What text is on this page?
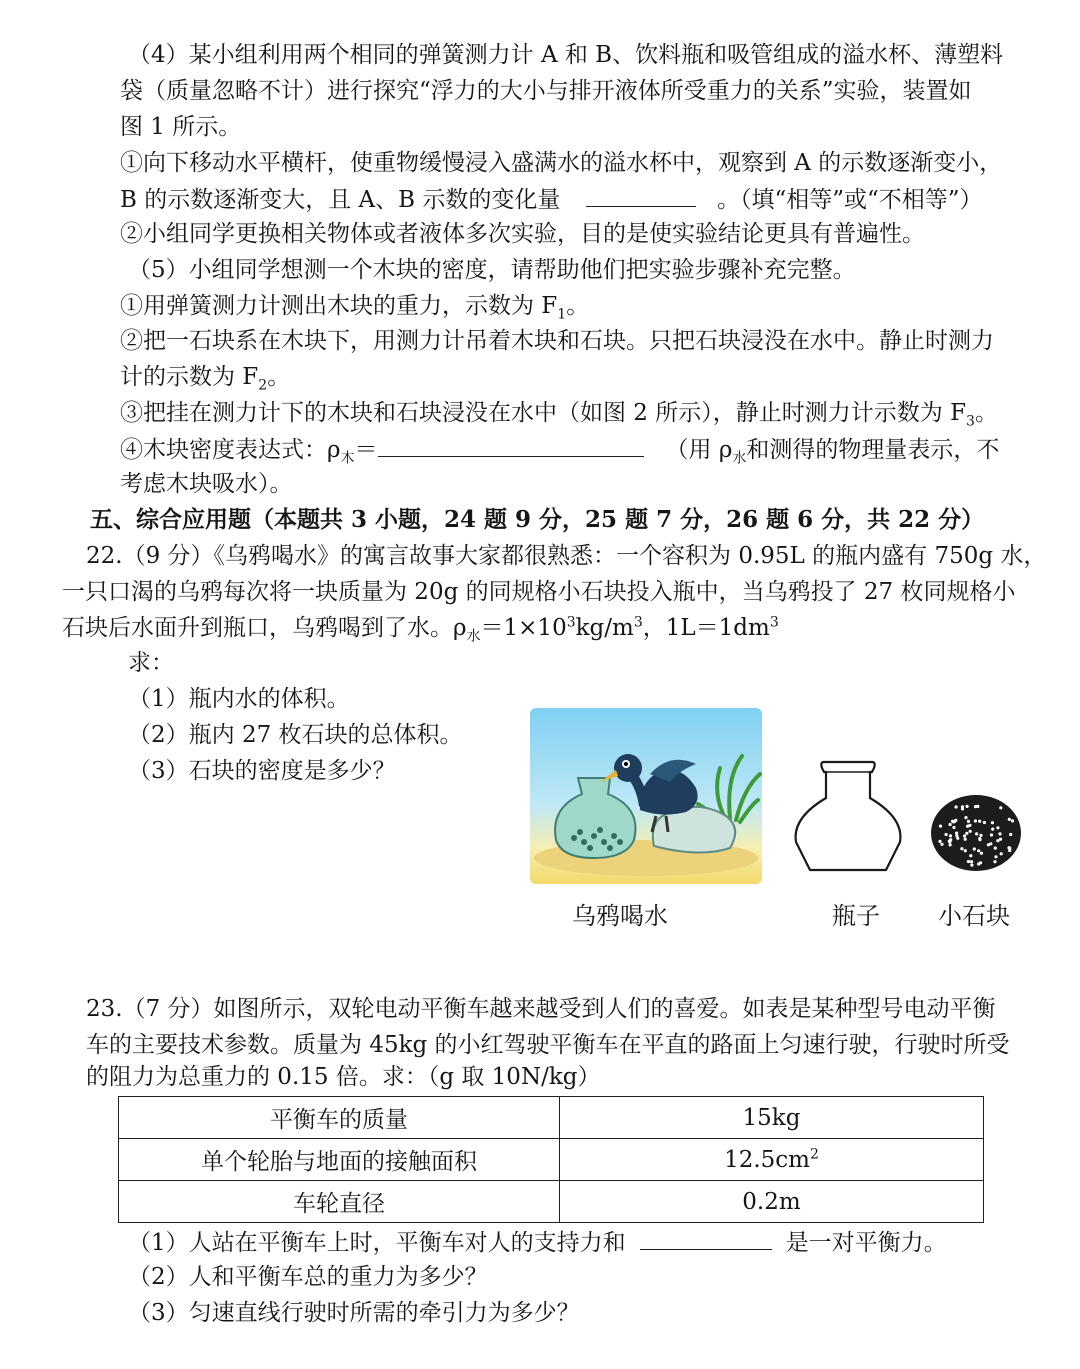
（4）某小组利用两个相同的弹簧测力计 A 和 B、饮料瓶和吸管组成的溢水杯、薄塑料
袋（质量忽略不计）进行探究“浮力的大小与排开液体所受重力的关系”实验，装置如
图 1 所示。
①向下移动水平横杆，使重物缓慢浸入盛满水的溢水杯中，观察到 A 的示数逐渐变小，
B 的示数逐渐变大，且 A、B 示数的变化量	。（填“相等”或“不相等”）
②小组同学更换相关物体或者液体多次实验，目的是使实验结论更具有普遍性。
（5）小组同学想测一个木块的密度，请帮助他们把实验步骤补充完整。
①用弹簧测力计测出木块的重力，示数为 $F_1$。
②把一石块系在木块下，用测力计吊着木块和石块。只把石块浸没在水中。静止时测力
计的示数为 $F_2$。
③把挂在测力计下的木块和石块浸没在水中（如图 2 所示），静止时测力计示数为 $F_3$。
④木块密度表达式：$\rho_木=$	（用 $\rho_水$和测得的物理量表示，不
考虑木块吸水）。
五、综合应用题（本题共 3 小题，24 题 9 分，25 题 7 分，26 题 6 分，共 22 分）
22.（9 分）《乌鸦喝水》的寓言故事大家都很熟悉：一个容积为 0.95L 的瓶内盛有 750g 水，
一只口渴的乌鸦每次将一块质量为 20g 的同规格小石块投入瓶中，当乌鸦投了 27 枚同规格小
石块后水面升到瓶口，乌鸦喝到了水。$\rho_水=1\times 10^3kg/m^3$，$1L=1dm^3$
求：
（1）瓶内水的体积。
（2）瓶内 27 枚石块的总体积。
（3）石块的密度是多少？
乌鸦喝水	瓶子 小石块
23.（7 分）如图所示，双轮电动平衡车越来越受到人们的喜爱。如表是某种型号电动平衡
车的主要技术参数。质量为 45kg 的小红驾驶平衡车在平直的路面上匀速行驶，行驶时所受
的阻力为总重力的 0.15 倍。求：（g 取 10N/kg）
平衡车的质量	15kg
单个轮胎与地面的接触面积	$12.5cm^2$
车轮直径	0.2m
（1）人站在平衡车上时，平衡车对人的支持力和	是一对平衡力。
（2）人和平衡车总的重力为多少？
（3）匀速直线行驶时所需的牵引力为多少？
